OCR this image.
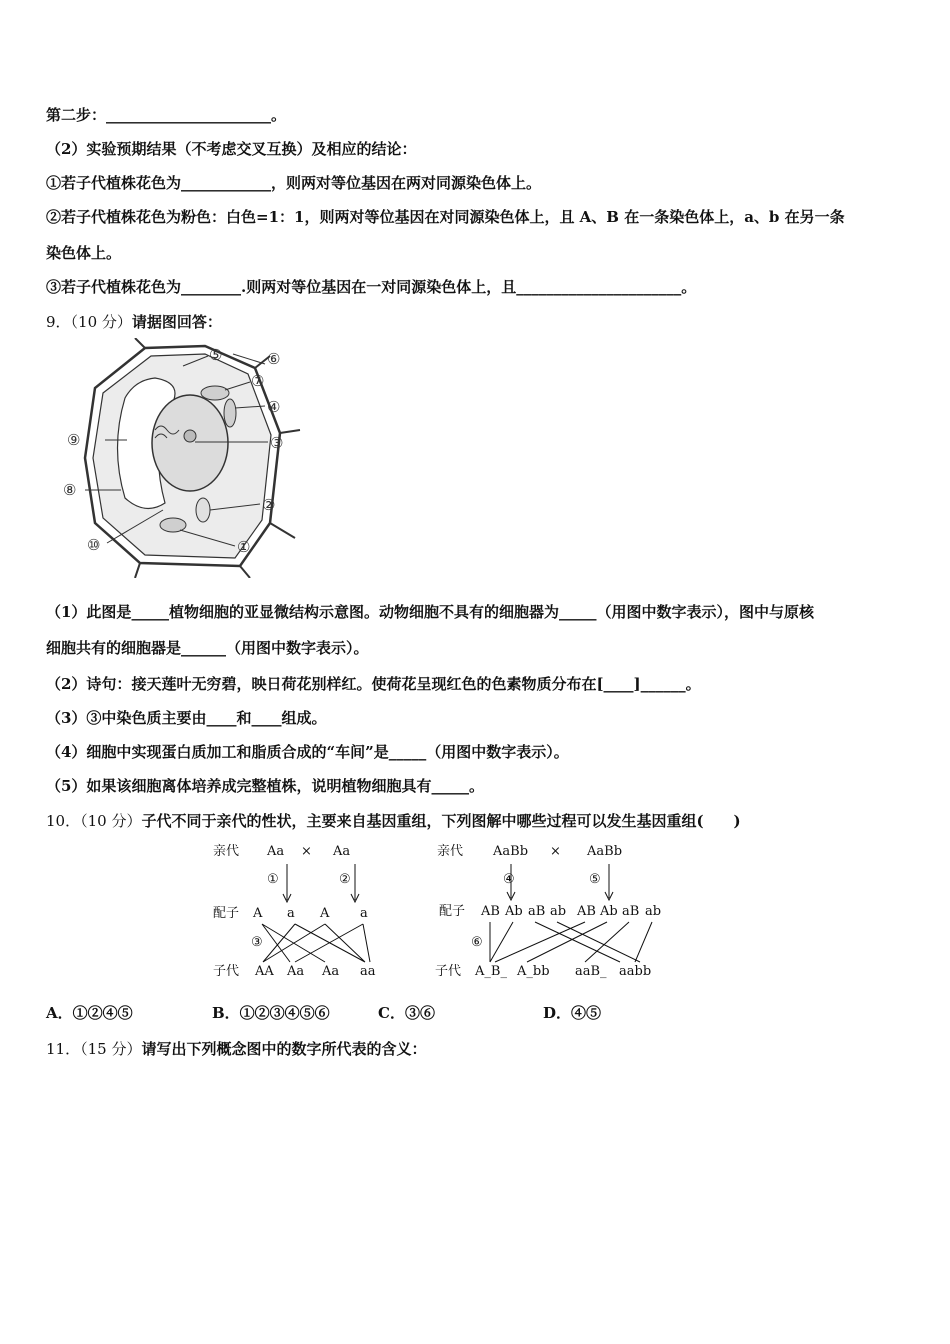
第二步：______________________。
（2）实验预期结果（不考虑交叉互换）及相应的结论：
①若子代植株花色为____________，则两对等位基因在两对同源染色体上。
②若子代植株花色为粉色：白色=1：1，则两对等位基因在对同源染色体上，且 A、B 在一条染色体上，a、b 在另一条
染色体上。
③若子代植株花色为________.则两对等位基因在一对同源染色体上，且______________________。
9．（10 分）请据图回答：
⑤	⑥
⑦
④
③
⑨
⑧
②
⑩	①
（1）此图是_____植物细胞的亚显微结构示意图。动物细胞不具有的细胞器为_____（用图中数字表示），图中与原核
细胞共有的细胞器是______（用图中数字表示）。
（2）诗句：接天莲叶无穷碧，映日荷花别样红。使荷花呈现红色的色素物质分布在[____]______。
（3）③中染色质主要由____和____组成。
（4）细胞中实现蛋白质加工和脂质合成的“车间”是_____（用图中数字表示）。
（5）如果该细胞离体培养成完整植株，说明植物细胞具有_____。
10．（10 分）子代不同于亲代的性状，主要来自基因重组，下列图解中哪些过程可以发生基因重组(　　)
亲代 Aa × Aa
①	②
配子 A a A a
③
子代 AA Aa Aa aa
亲代 AaBb × AaBb
④	⑤
配子 AB Ab aB ab AB Ab aB ab
⑥
子代 A_B_ A_bb aaB_ aabb
A．①②④⑤	B．①②③④⑤⑥	C．③⑥	D．④⑤
11．（15 分）请写出下列概念图中的数字所代表的含义：
